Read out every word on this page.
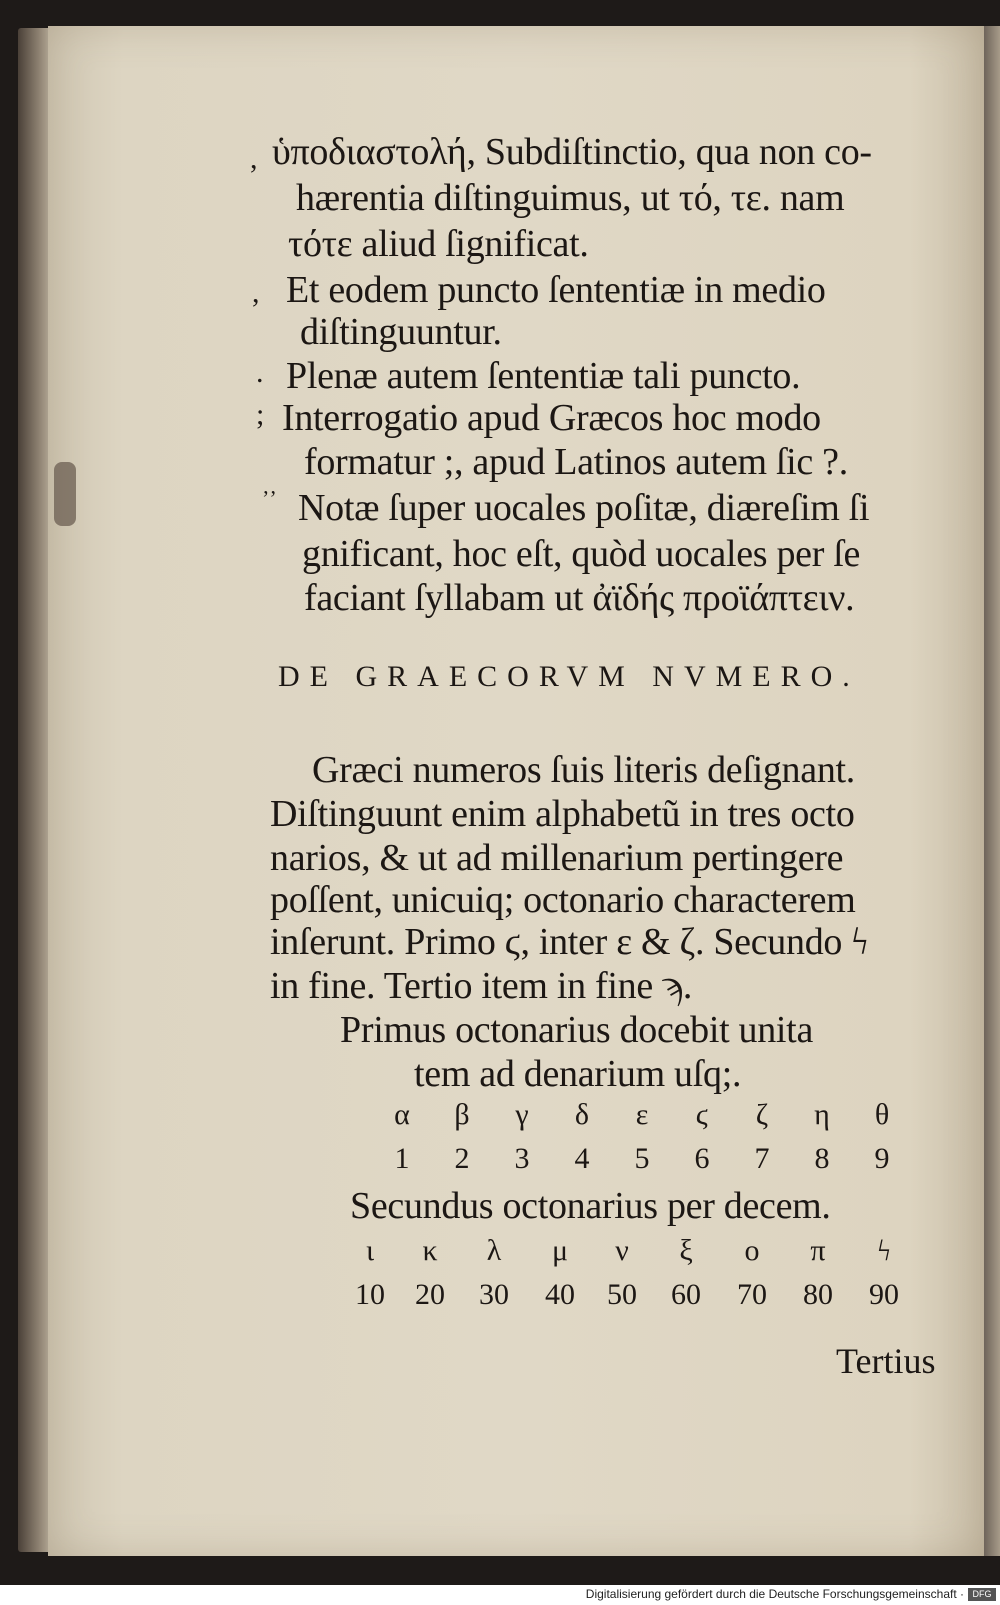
,
,
.
;
ʼʼ
ὑποδιαστολή, Subdiſtinctio, qua non co-
hærentia diſtinguimus, ut τό, τε. nam
τότε aliud ſignificat.
Et eodem puncto ſententiæ in medio
diſtinguuntur.
Plenæ autem ſententiæ tali puncto.
Interrogatio apud Græcos hoc modo
formatur ;, apud Latinos autem ſic ?.
Notæ ſuper uocales poſitæ, diæreſim ſi
gnificant, hoc eſt, quòd uocales per ſe
faciant ſyllabam ut ἀϊδής προϊάπτειν.
DE GRAECORVM NVMERO.
Græci numeros ſuis literis deſignant.
Diſtinguunt enim alphabetũ in tres octo
narios, & ut ad millenarium pertingere
poſſent, unicuiq; octonario characterem
inſerunt. Primo ϛ, inter ε & ζ. Secundo ϟ
in fine. Tertio item in fine ϡ.
Primus octonarius docebit unita
tem ad denarium uſq;.
α	β	γ	δ	ε	ϛ	ζ	η	θ
1	2	3	4	5	6	7	8	9
Secundus octonarius per decem.
ι	κ	λ	μ	ν	ξ	ο	π	ϟ
10 20 30 40 50 60 70 80 90
Tertius
Digitalisierung gefördert durch die Deutsche Forschungsgemeinschaft · DFG
